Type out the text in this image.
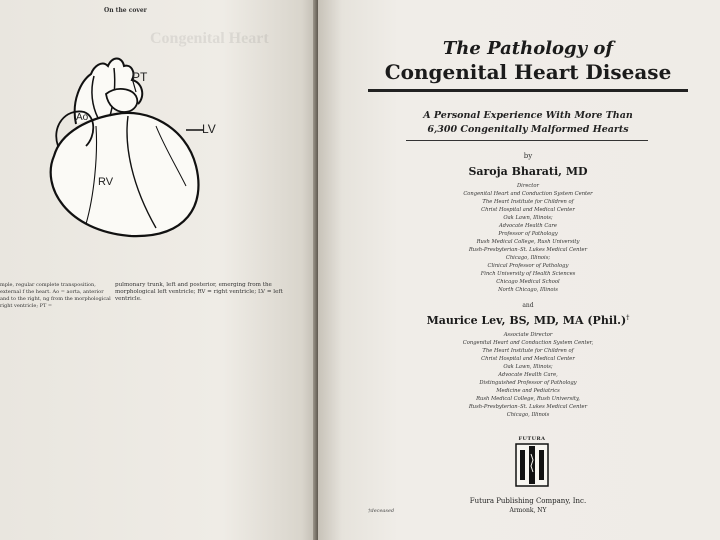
Congenital Heart
On the cover
PT
Ao
LV
RV
mple, regular complete transposition, external f the heart. Ao = aorta, anterior and to the right, ng from the morphological right ventricle; PT =
pulmonary trunk, left and posterior, emerging from the morphological left ventricle; RV = right ventricle; LV = left ventricle.
The Pathology of
Congenital Heart Disease
A Personal Experience With More Than
6,300 Congenitally Malformed Hearts
by
Saroja Bharati, MD
Director
Congenital Heart and Conduction System Center
The Heart Institute for Children of
Christ Hospital and Medical Center
Oak Lawn, Illinois;
Advocate Health Care
Professor of Pathology
Rush Medical College, Rush University
Rush-Presbyterian–St. Lukes Medical Center
Chicago, Illinois;
Clinical Professor of Pathology
Finch University of Health Sciences
Chicago Medical School
North Chicago, Illinois
and
Maurice Lev, BS, MD, MA (Phil.)†
Associate Director
Congenital Heart and Conduction System Center,
The Heart Institute for Children of
Christ Hospital and Medical Center
Oak Lawn, Illinois;
Advocate Health Care,
Distinguished Professor of Pathology
Medicine and Pediatrics
Rush Medical College, Rush University,
Rush-Presbyterian–St. Lukes Medical Center
Chicago, Illinois
FUTURA
Futura Publishing Company, Inc.
Armonk, NY
†deceased
